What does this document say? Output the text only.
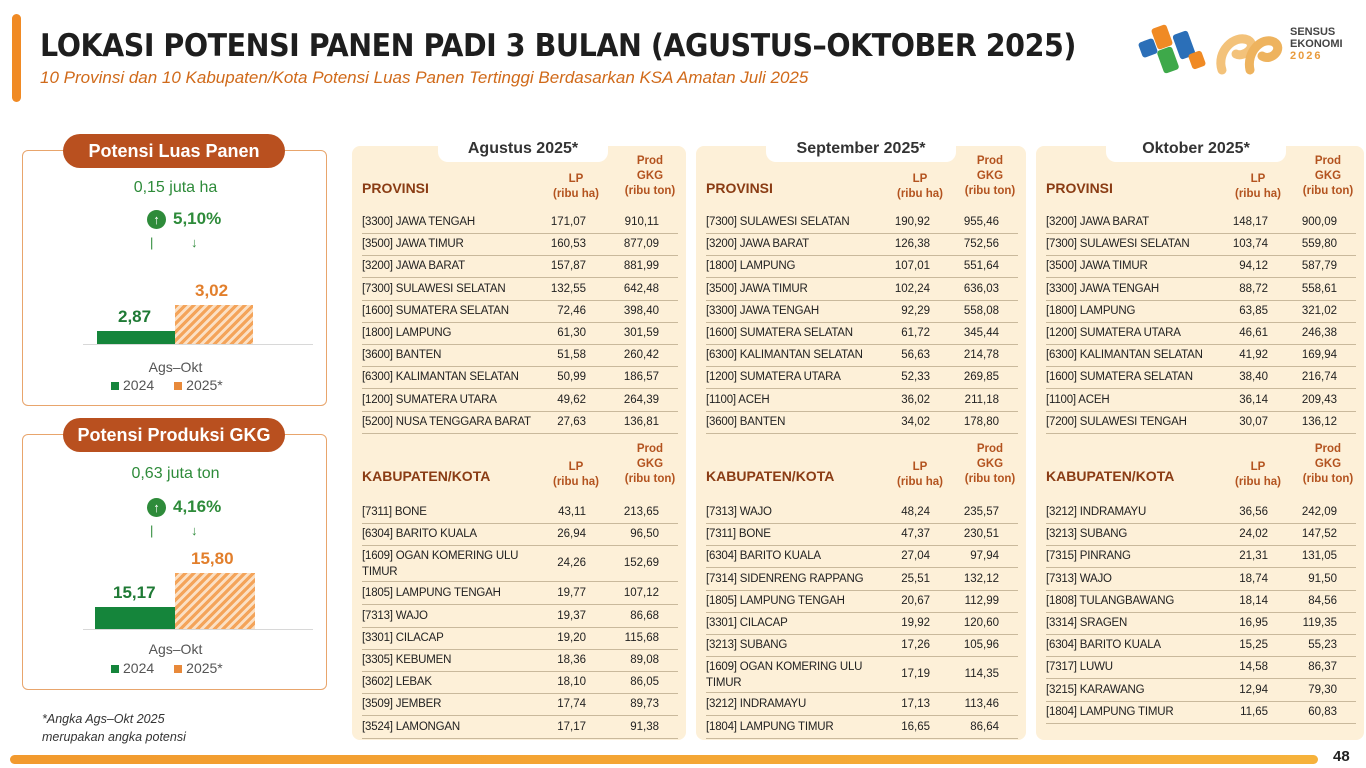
LOKASI POTENSI PANEN PADI 3 BULAN (AGUSTUS–OKTOBER 2025)
10 Provinsi dan 10 Kabupaten/Kota Potensi Luas Panen Tertinggi Berdasarkan KSA Amatan Juli 2025
SENSUS
EKONOMI
2026
Potensi Luas Panen
0,15 juta ha
↑ 5,10%
|	↓
2,87
3,02
Ags–Okt
2024 2025*
Potensi Produksi GKG
0,63 juta ton
↑ 4,16%
|	↓
15,17
15,80
Ags–Okt
2024 2025*
*Angka Ags–Okt 2025
merupakan angka potensi
Agustus 2025*
PROVINSI
LP
(ribu ha)
Prod
GKG
(ribu ton)
[3300] JAWA TENGAH	171,07	910,11
[3500] JAWA TIMUR	160,53	877,09
[3200] JAWA BARAT	157,87	881,99
[7300] SULAWESI SELATAN	132,55	642,48
[1600] SUMATERA SELATAN	72,46	398,40
[1800] LAMPUNG	61,30	301,59
[3600] BANTEN	51,58	260,42
[6300] KALIMANTAN SELATAN	50,99	186,57
[1200] SUMATERA UTARA	49,62	264,39
[5200] NUSA TENGGARA BARAT	27,63	136,81
KABUPATEN/KOTA
LP
(ribu ha)
Prod
GKG
(ribu ton)
[7311] BONE	43,11	213,65
[6304] BARITO KUALA	26,94	96,50
[1609] OGAN KOMERING ULU TIMUR
24,26	152,69
[1805] LAMPUNG TENGAH	19,77	107,12
[7313] WAJO	19,37	86,68
[3301] CILACAP	19,20	115,68
[3305] KEBUMEN	18,36	89,08
[3602] LEBAK	18,10	86,05
[3509] JEMBER	17,74	89,73
[3524] LAMONGAN	17,17	91,38
September 2025*
PROVINSI
LP
(ribu ha)
Prod
GKG
(ribu ton)
[7300] SULAWESI SELATAN	190,92	955,46
[3200] JAWA BARAT	126,38	752,56
[1800] LAMPUNG	107,01	551,64
[3500] JAWA TIMUR	102,24	636,03
[3300] JAWA TENGAH	92,29	558,08
[1600] SUMATERA SELATAN	61,72	345,44
[6300] KALIMANTAN SELATAN	56,63	214,78
[1200] SUMATERA UTARA	52,33	269,85
[1100] ACEH	36,02	211,18
[3600] BANTEN	34,02	178,80
KABUPATEN/KOTA
LP
(ribu ha)
Prod
GKG
(ribu ton)
[7313] WAJO	48,24	235,57
[7311] BONE	47,37	230,51
[6304] BARITO KUALA	27,04	97,94
[7314] SIDENRENG RAPPANG	25,51	132,12
[1805] LAMPUNG TENGAH	20,67	112,99
[3301] CILACAP	19,92	120,60
[3213] SUBANG	17,26	105,96
[1609] OGAN KOMERING ULU TIMUR
17,19	114,35
[3212] INDRAMAYU	17,13	113,46
[1804] LAMPUNG TIMUR	16,65	86,64
Oktober 2025*
PROVINSI
LP
(ribu ha)
Prod
GKG
(ribu ton)
[3200] JAWA BARAT	148,17	900,09
[7300] SULAWESI SELATAN	103,74	559,80
[3500] JAWA TIMUR	94,12	587,79
[3300] JAWA TENGAH	88,72	558,61
[1800] LAMPUNG	63,85	321,02
[1200] SUMATERA UTARA	46,61	246,38
[6300] KALIMANTAN SELATAN	41,92	169,94
[1600] SUMATERA SELATAN	38,40	216,74
[1100] ACEH	36,14	209,43
[7200] SULAWESI TENGAH	30,07	136,12
KABUPATEN/KOTA
LP
(ribu ha)
Prod
GKG
(ribu ton)
[3212] INDRAMAYU	36,56	242,09
[3213] SUBANG	24,02	147,52
[7315] PINRANG	21,31	131,05
[7313] WAJO	18,74	91,50
[1808] TULANGBAWANG	18,14	84,56
[3314] SRAGEN	16,95	119,35
[6304] BARITO KUALA	15,25	55,23
[7317] LUWU	14,58	86,37
[3215] KARAWANG	12,94	79,30
[1804] LAMPUNG TIMUR	11,65	60,83
48
